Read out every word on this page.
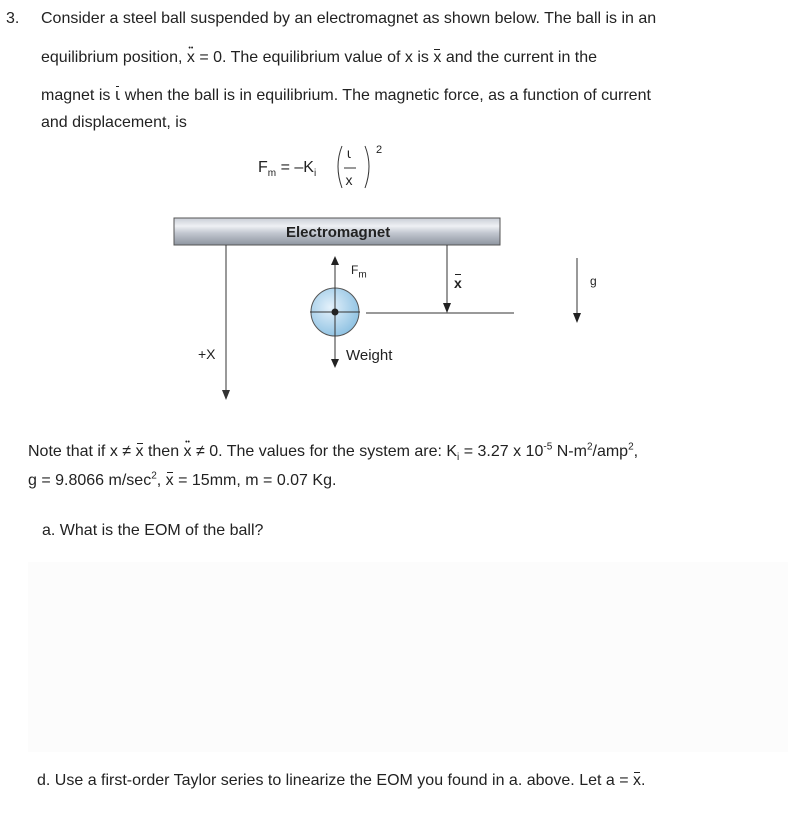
3. Consider a steel ball suspended by an electromagnet as shown below. The ball is in an
equilibrium position, •• x = 0. The equilibrium value of x is x and the current in the
magnet is ι when the ball is in equilibrium. The magnetic force, as a function of current
and displacement, is
$F_m = -K_i$
ι
x
2
Electromagnet
$F_m$
Weight
+X
x	g
Note that if x ≠ x then •• x ≠ 0. The values for the system are: $K_i = 3.27$ x $10^{-5}$ $N-m^2/amp^2$,
g = 9.8066 $m/\sec^2$, x = 15mm, m = 0.07 Kg.
a. What is the EOM of the ball?
d. Use a first-order Taylor series to linearize the EOM you found in a. above. Let a = x.
